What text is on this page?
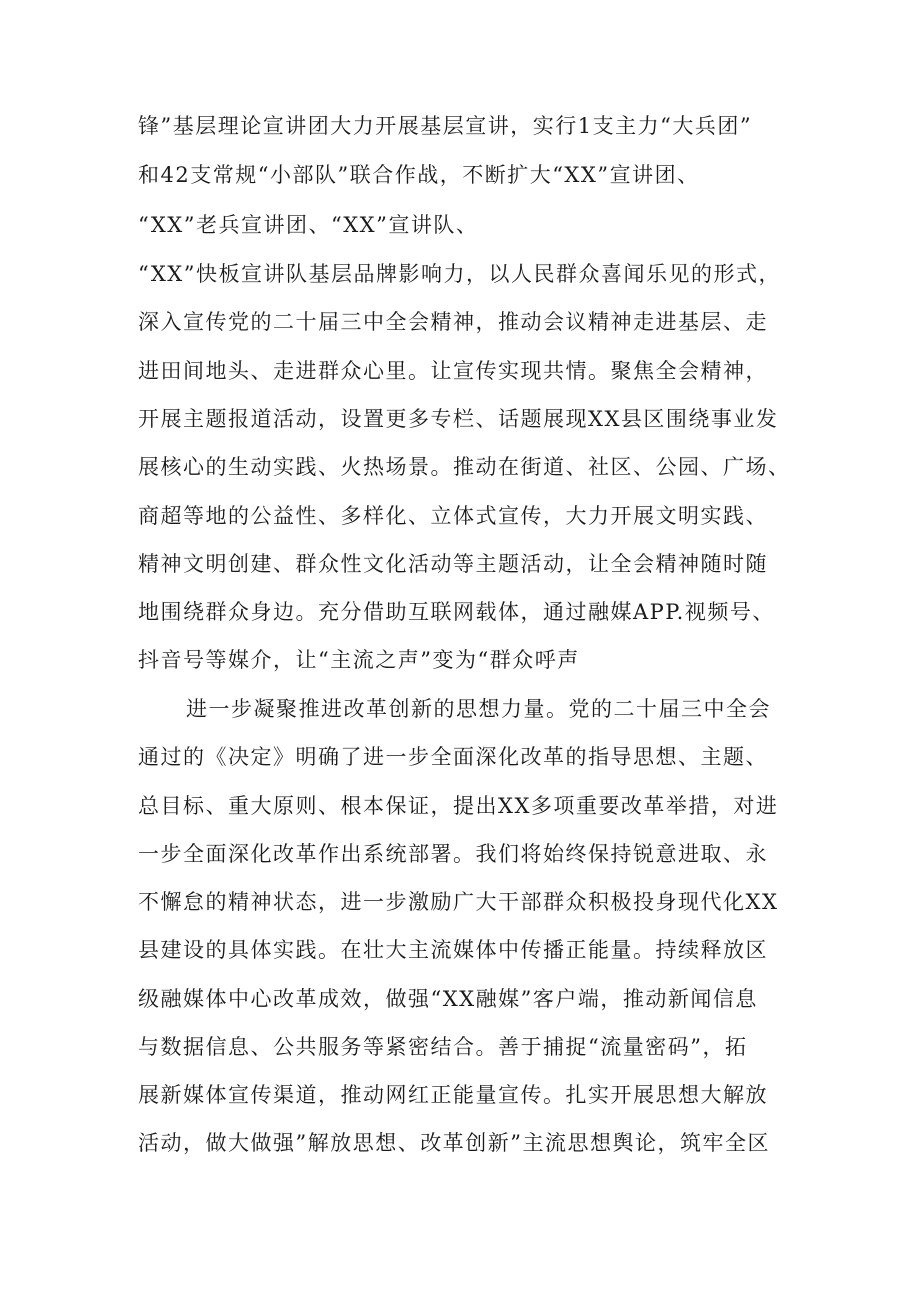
锋”基层理论宣讲团大力开展基层宣讲，实行1支主力“大兵团”
和42支常规“小部队”联合作战，不断扩大“XX”宣讲团、
“XX”老兵宣讲团、“XX”宣讲队、
“XX”快板宣讲队基层品牌影响力，以人民群众喜闻乐见的形式，
深入宣传党的二十届三中全会精神，推动会议精神走进基层、走
进田间地头、走进群众心里。让宣传实现共情。聚焦全会精神，
开展主题报道活动，设置更多专栏、话题展现XX县区围绕事业发
展核心的生动实践、火热场景。推动在街道、社区、公园、广场、
商超等地的公益性、多样化、立体式宣传，大力开展文明实践、
精神文明创建、群众性文化活动等主题活动，让全会精神随时随
地围绕群众身边。充分借助互联网载体，通过融媒APP.视频号、
抖音号等媒介，让“主流之声”变为“群众呼声
进一步凝聚推进改革创新的思想力量。党的二十届三中全会
通过的《决定》明确了进一步全面深化改革的指导思想、主题、
总目标、重大原则、根本保证，提出XX多项重要改革举措，对进
一步全面深化改革作出系统部署。我们将始终保持锐意进取、永
不懈怠的精神状态，进一步激励广大干部群众积极投身现代化XX
县建设的具体实践。在壮大主流媒体中传播正能量。持续释放区
级融媒体中心改革成效，做强“XX融媒”客户端，推动新闻信息
与数据信息、公共服务等紧密结合。善于捕捉“流量密码”，拓
展新媒体宣传渠道，推动网红正能量宣传。扎实开展思想大解放
活动，做大做强”解放思想、改革创新”主流思想舆论，筑牢全区
